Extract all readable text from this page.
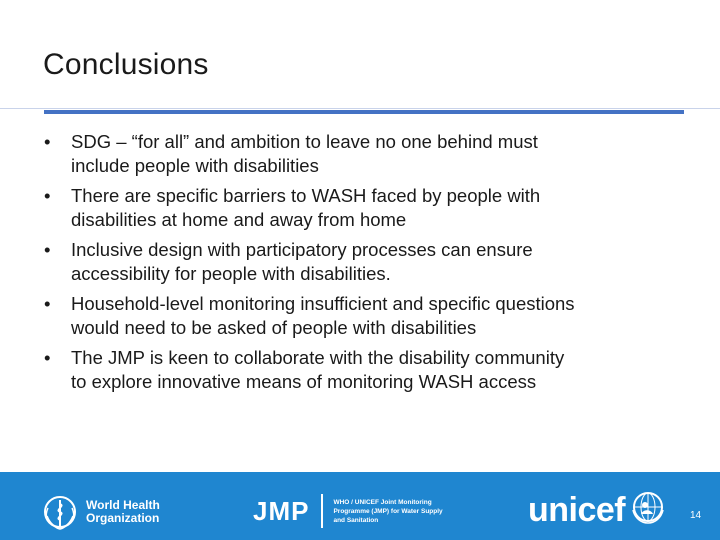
Conclusions
• SDG – “for all” and ambition to leave no one behind must
include people with disabilities
• There are specific barriers to WASH faced by people with
disabilities at home and away from home
• Inclusive design with participatory processes can ensure
accessibility for people with disabilities.
• Household-level monitoring insufficient and specific questions
would need to be asked of people with disabilities
• The JMP is keen to collaborate with the disability community
to explore innovative means of monitoring WASH access
World Health
Organization	JMP	WHO / UNICEF Joint Monitoring
Programme (JMP) for Water Supply
and Sanitation	unicef	14
